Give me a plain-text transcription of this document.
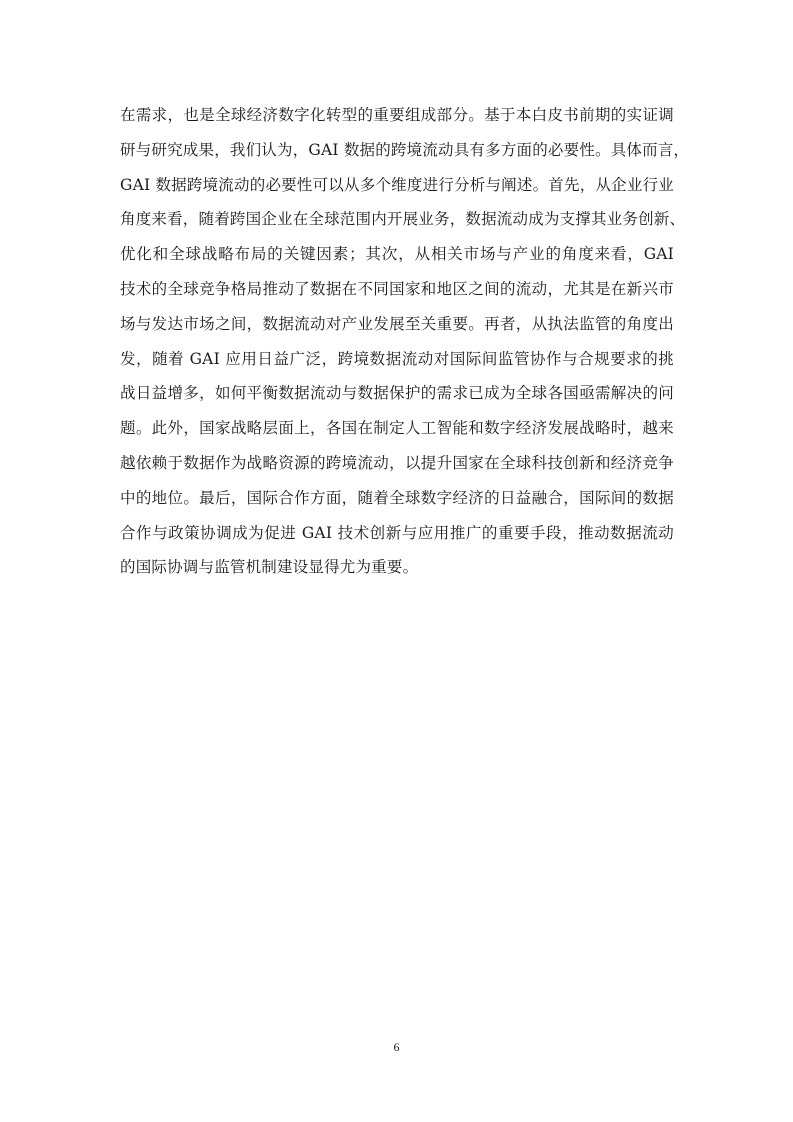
在需求，也是全球经济数字化转型的重要组成部分。基于本白皮书前期的实证调
研与研究成果，我们认为，GAI 数据的跨境流动具有多方面的必要性。具体而言，
GAI 数据跨境流动的必要性可以从多个维度进行分析与阐述。首先，从企业行业
角度来看，随着跨国企业在全球范围内开展业务，数据流动成为支撑其业务创新、
优化和全球战略布局的关键因素；其次，从相关市场与产业的角度来看，GAI
技术的全球竞争格局推动了数据在不同国家和地区之间的流动，尤其是在新兴市
场与发达市场之间，数据流动对产业发展至关重要。再者，从执法监管的角度出
发，随着 GAI 应用日益广泛，跨境数据流动对国际间监管协作与合规要求的挑
战日益增多，如何平衡数据流动与数据保护的需求已成为全球各国亟需解决的问
题。此外，国家战略层面上，各国在制定人工智能和数字经济发展战略时，越来
越依赖于数据作为战略资源的跨境流动，以提升国家在全球科技创新和经济竞争
中的地位。最后，国际合作方面，随着全球数字经济的日益融合，国际间的数据
合作与政策协调成为促进 GAI 技术创新与应用推广的重要手段，推动数据流动
的国际协调与监管机制建设显得尤为重要。

6
